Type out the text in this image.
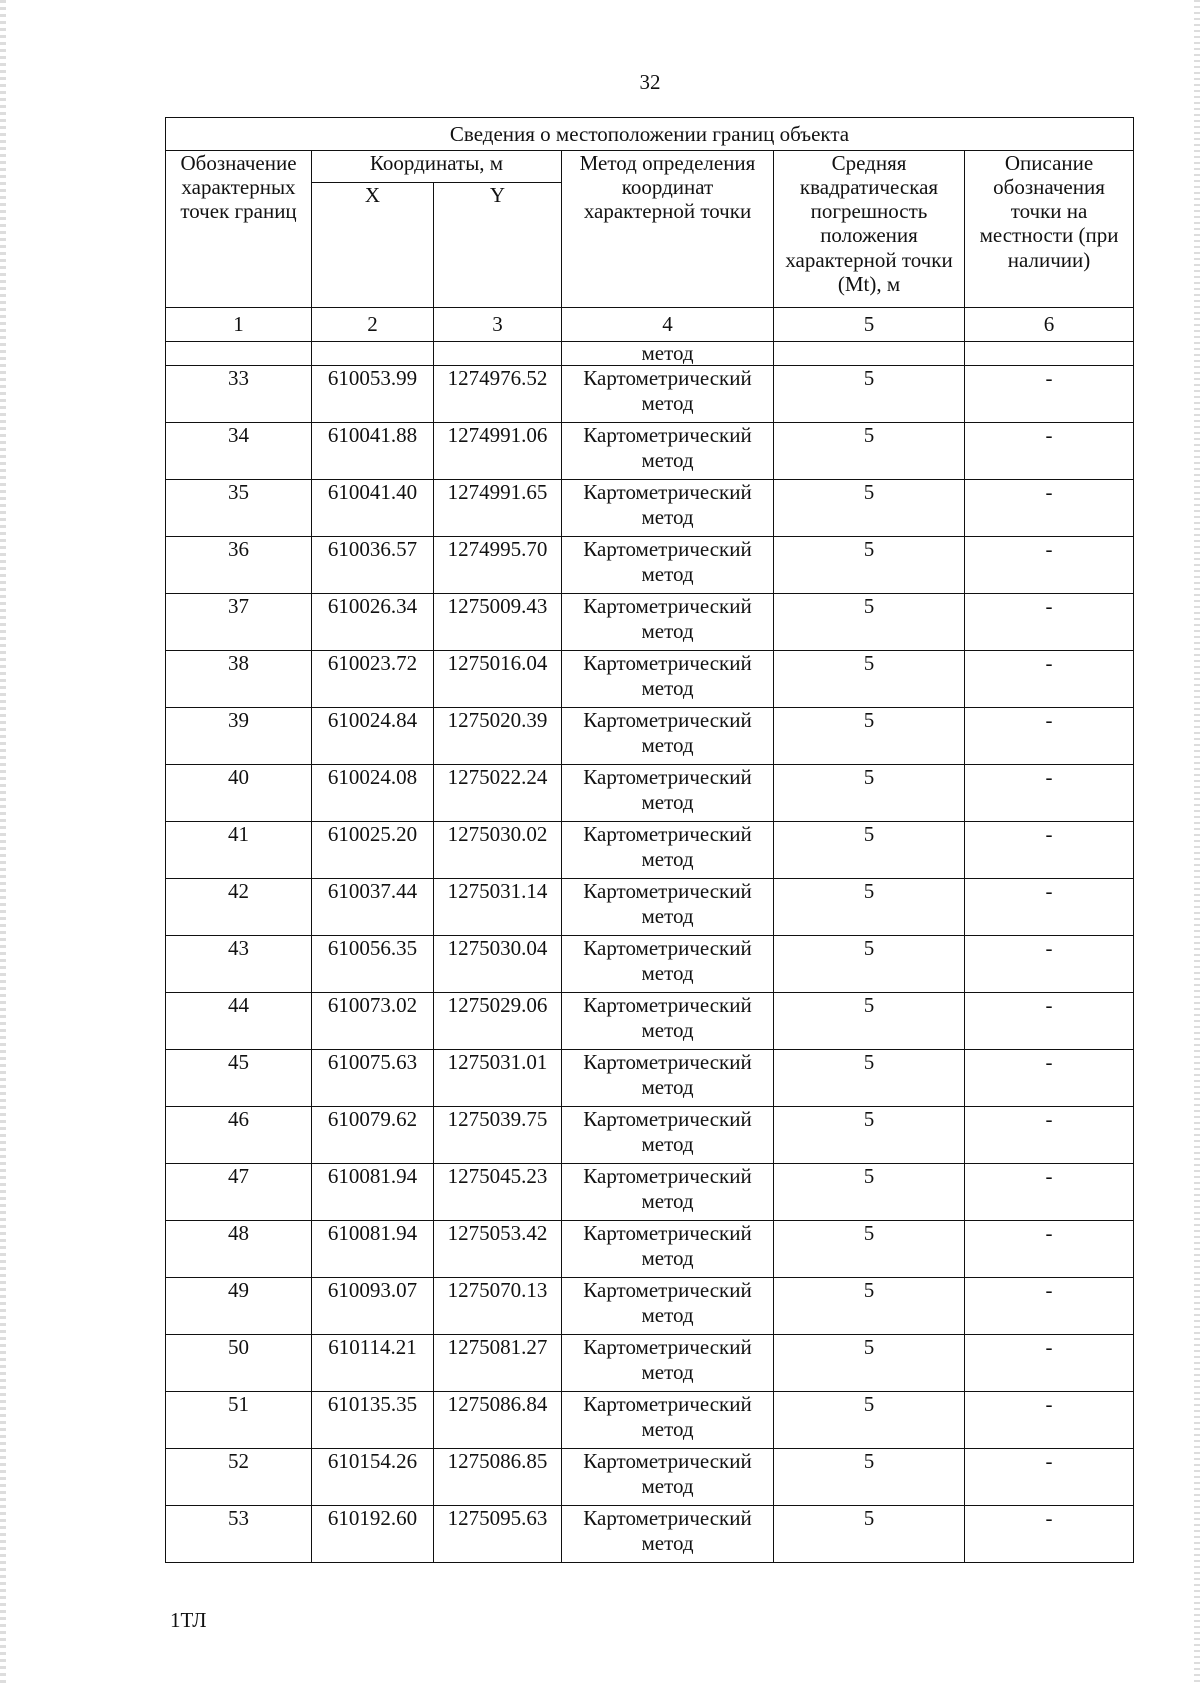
32
Сведения о местоположении границ объекта					
Обозначение характерных точек границ	Координаты, м		Метод определения координат характерной точки	Средняя квадратическая погрешность положения характерной точки (Mt), м	Описание обозначения точки на местности (при наличии)
	X	Y			
1	2	3	4	5	6
			метод		
33	610053.99	1274976.52	Картометрический метод	5	-
34	610041.88	1274991.06	Картометрический метод	5	-
35	610041.40	1274991.65	Картометрический метод	5	-
36	610036.57	1274995.70	Картометрический метод	5	-
37	610026.34	1275009.43	Картометрический метод	5	-
38	610023.72	1275016.04	Картометрический метод	5	-
39	610024.84	1275020.39	Картометрический метод	5	-
40	610024.08	1275022.24	Картометрический метод	5	-
41	610025.20	1275030.02	Картометрический метод	5	-
42	610037.44	1275031.14	Картометрический метод	5	-
43	610056.35	1275030.04	Картометрический метод	5	-
44	610073.02	1275029.06	Картометрический метод	5	-
45	610075.63	1275031.01	Картометрический метод	5	-
46	610079.62	1275039.75	Картометрический метод	5	-
47	610081.94	1275045.23	Картометрический метод	5	-
48	610081.94	1275053.42	Картометрический метод	5	-
49	610093.07	1275070.13	Картометрический метод	5	-
50	610114.21	1275081.27	Картометрический метод	5	-
51	610135.35	1275086.84	Картометрический метод	5	-
52	610154.26	1275086.85	Картометрический метод	5	-
53	610192.60	1275095.63	Картометрический метод	5	-
1ТЛ
